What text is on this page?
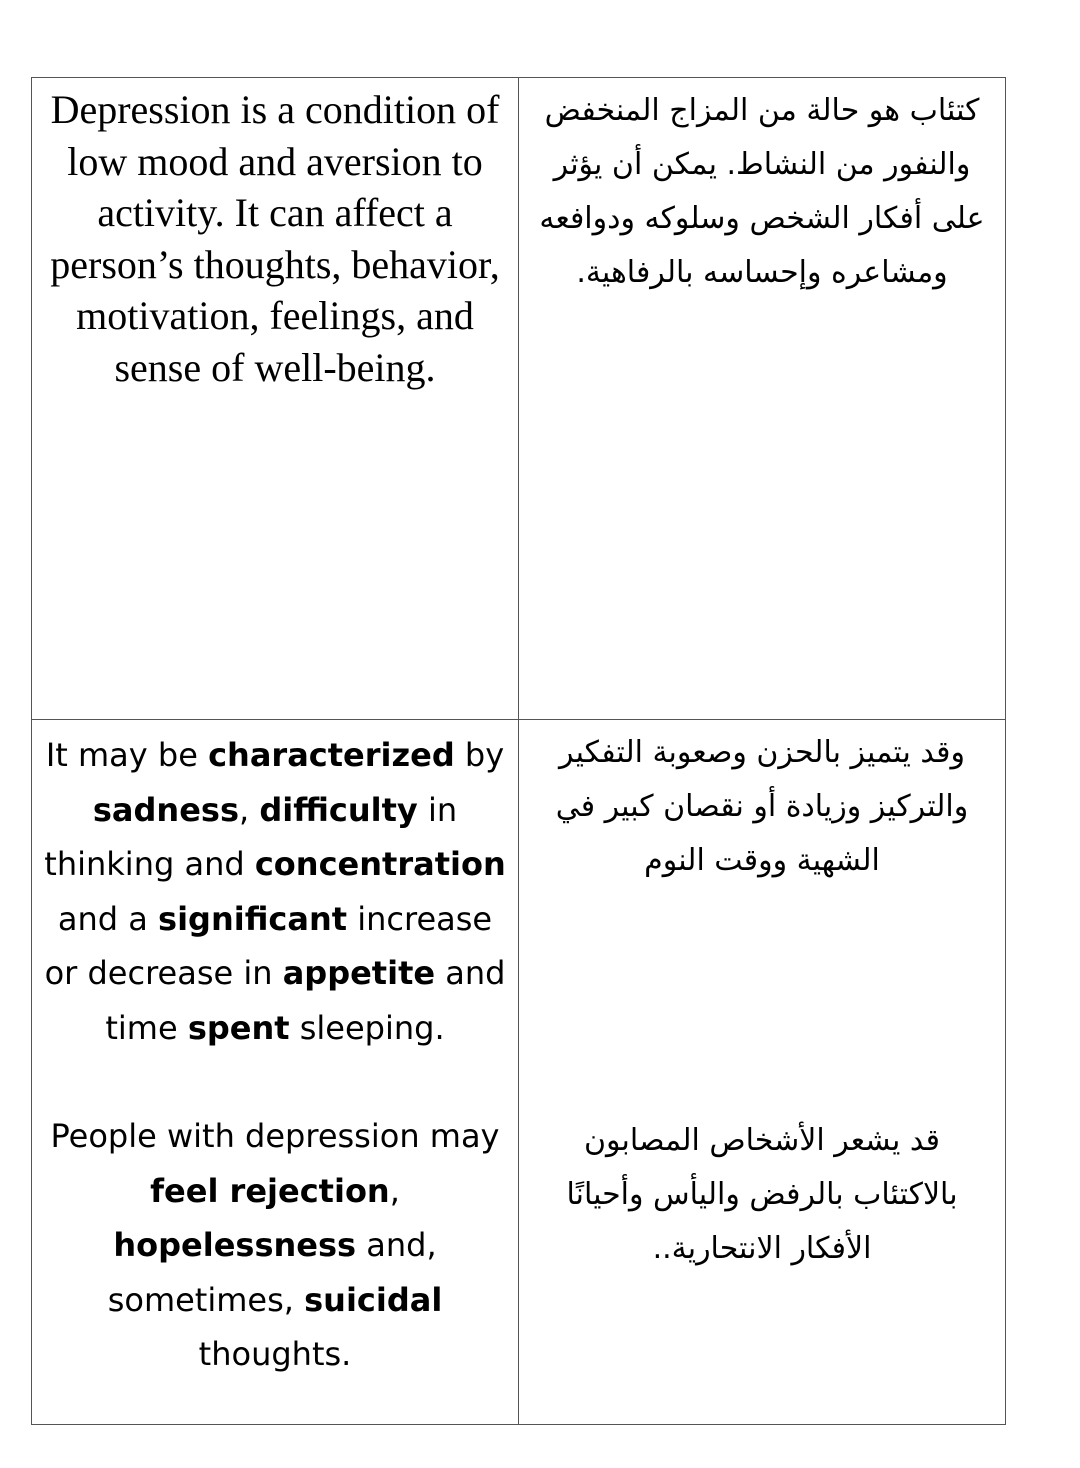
Depression is a condition of low mood and aversion to activity. It can affect a person’s thoughts, behavior, motivation, feelings, and sense of well-being.
كتئاب هو حالة من المزاج المنخفض والنفور من النشاط. يمكن أن يؤثر على أفكار الشخص وسلوكه ودوافعه ومشاعره وإحساسه بالرفاهية.
It may be characterized by sadness, difficulty in thinking and concentration and a significant increase or decrease in appetite and time spent sleeping.
People with depression may feel rejection, hopelessness and, sometimes, suicidal thoughts.
وقد يتميز بالحزن وصعوبة التفكير والتركيز وزيادة أو نقصان كبير في الشهية ووقت النوم
قد يشعر الأشخاص المصابون بالاكتئاب بالرفض واليأس وأحيانًا الأفكار الانتحارية..
